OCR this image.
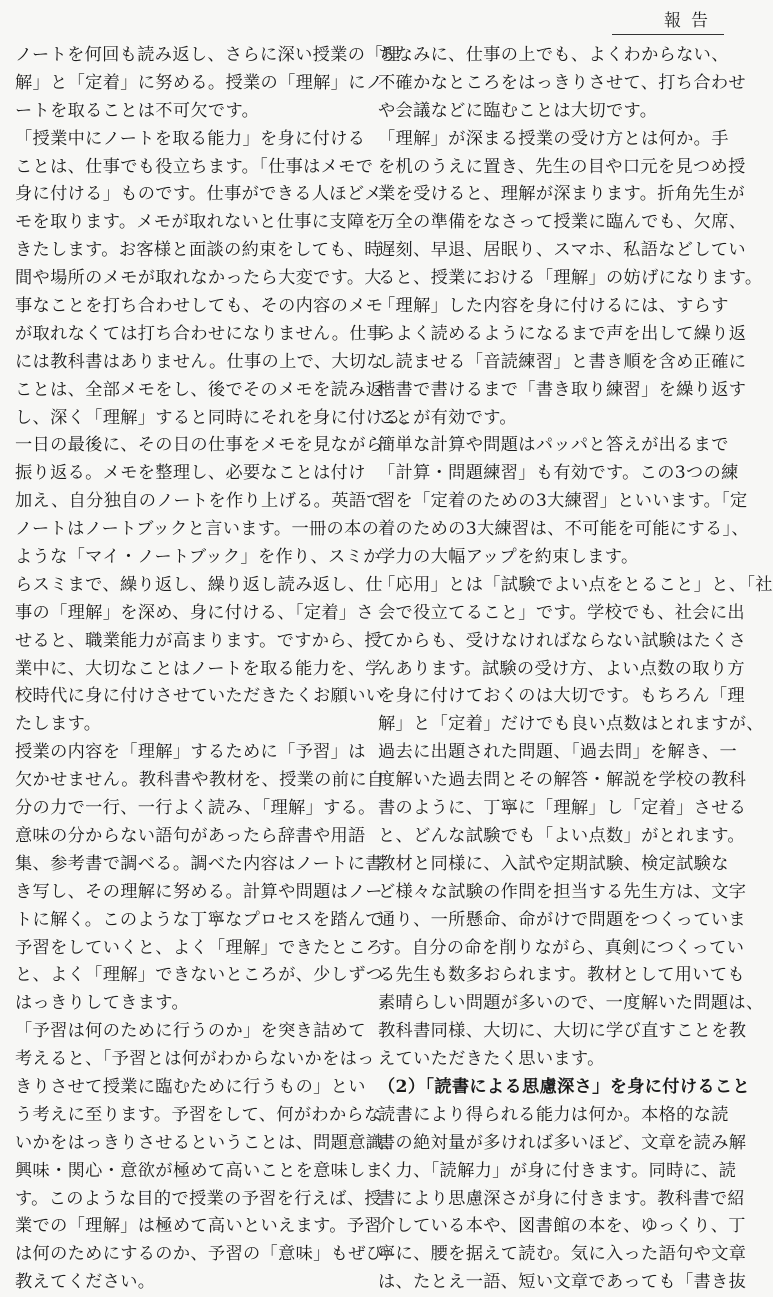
報告
ノートを何回も読み返し、さらに深い授業の「理
解」と「定着」に努める。授業の「理解」にノ
ートを取ることは不可欠です。
「授業中にノートを取る能力」を身に付ける
ことは、仕事でも役立ちます。「仕事はメモで
身に付ける」ものです。仕事ができる人ほどメ
モを取ります。メモが取れないと仕事に支障を
きたします。お客様と面談の約束をしても、時
間や場所のメモが取れなかったら大変です。大
事なことを打ち合わせしても、その内容のメモ
が取れなくては打ち合わせになりません。仕事
には教科書はありません。仕事の上で、大切な
ことは、全部メモをし、後でそのメモを読み返
し、深く「理解」すると同時にそれを身に付ける。
一日の最後に、その日の仕事をメモを見ながら
振り返る。メモを整理し、必要なことは付け
加え、自分独自のノートを作り上げる。英語で
ノートはノートブックと言います。一冊の本の
ような「マイ・ノートブック」を作り、スミか
らスミまで、繰り返し、繰り返し読み返し、仕
事の「理解」を深め、身に付ける、「定着」さ
せると、職業能力が高まります。ですから、授
業中に、大切なことはノートを取る能力を、学
校時代に身に付けさせていただきたくお願いい
たします。
授業の内容を「理解」するために「予習」は
欠かせません。教科書や教材を、授業の前に自
分の力で一行、一行よく読み、「理解」する。
意味の分からない語句があったら辞書や用語
集、参考書で調べる。調べた内容はノートに書
き写し、その理解に努める。計算や問題はノー
トに解く。このような丁寧なプロセスを踏んで
予習をしていくと、よく「理解」できたところ
と、よく「理解」できないところが、少しずつ
はっきりしてきます。
「予習は何のために行うのか」を突き詰めて
考えると、「予習とは何がわからないかをはっ
きりさせて授業に臨むために行うもの」とい
う考えに至ります。予習をして、何がわからな
いかをはっきりさせるということは、問題意識、
興味・関心・意欲が極めて高いことを意味しま
す。このような目的で授業の予習を行えば、授
業での「理解」は極めて高いといえます。予習
は何のためにするのか、予習の「意味」もぜひ
教えてください。
ちなみに、仕事の上でも、よくわからない、
不確かなところをはっきりさせて、打ち合わせ
や会議などに臨むことは大切です。
「理解」が深まる授業の受け方とは何か。手
を机のうえに置き、先生の目や口元を見つめ授
業を受けると、理解が深まります。折角先生が
万全の準備をなさって授業に臨んでも、欠席、
遅刻、早退、居眠り、スマホ、私語などしてい
ると、授業における「理解」の妨げになります。
「理解」した内容を身に付けるには、すらす
らよく読めるようになるまで声を出して繰り返
し読ませる「音読練習」と書き順を含め正確に
楷書で書けるまで「書き取り練習」を繰り返す
ことが有効です。
簡単な計算や問題はパッパと答えが出るまで
「計算・問題練習」も有効です。この3つの練
習を「定着のための3大練習」といいます。「定
着のための3大練習は、不可能を可能にする」、
学力の大幅アップを約束します。
「応用」とは「試験でよい点をとること」と、「社
会で役立てること」です。学校でも、社会に出
てからも、受けなければならない試験はたくさ
んあります。試験の受け方、よい点数の取り方
を身に付けておくのは大切です。もちろん「理
解」と「定着」だけでも良い点数はとれますが、
過去に出題された問題、「過去問」を解き、一
度解いた過去問とその解答・解説を学校の教科
書のように、丁寧に「理解」し「定着」させる
と、どんな試験でも「よい点数」がとれます。
教材と同様に、入試や定期試験、検定試験な
ど様々な試験の作問を担当する先生方は、文字
通り、一所懸命、命がけで問題をつくっていま
す。自分の命を削りながら、真剣につくってい
る先生も数多おられます。教材として用いても
素晴らしい問題が多いので、一度解いた問題は、
教科書同様、大切に、大切に学び直すことを教
えていただきたく思います。
（2）「読書による思慮深さ」を身に付けること
読書により得られる能力は何か。本格的な読
書の絶対量が多ければ多いほど、文章を読み解
く力、「読解力」が身に付きます。同時に、読
書により思慮深さが身に付きます。教科書で紹
介している本や、図書館の本を、ゆっくり、丁
寧に、腰を据えて読む。気に入った語句や文章
は、たとえ一語、短い文章であっても「書き抜
